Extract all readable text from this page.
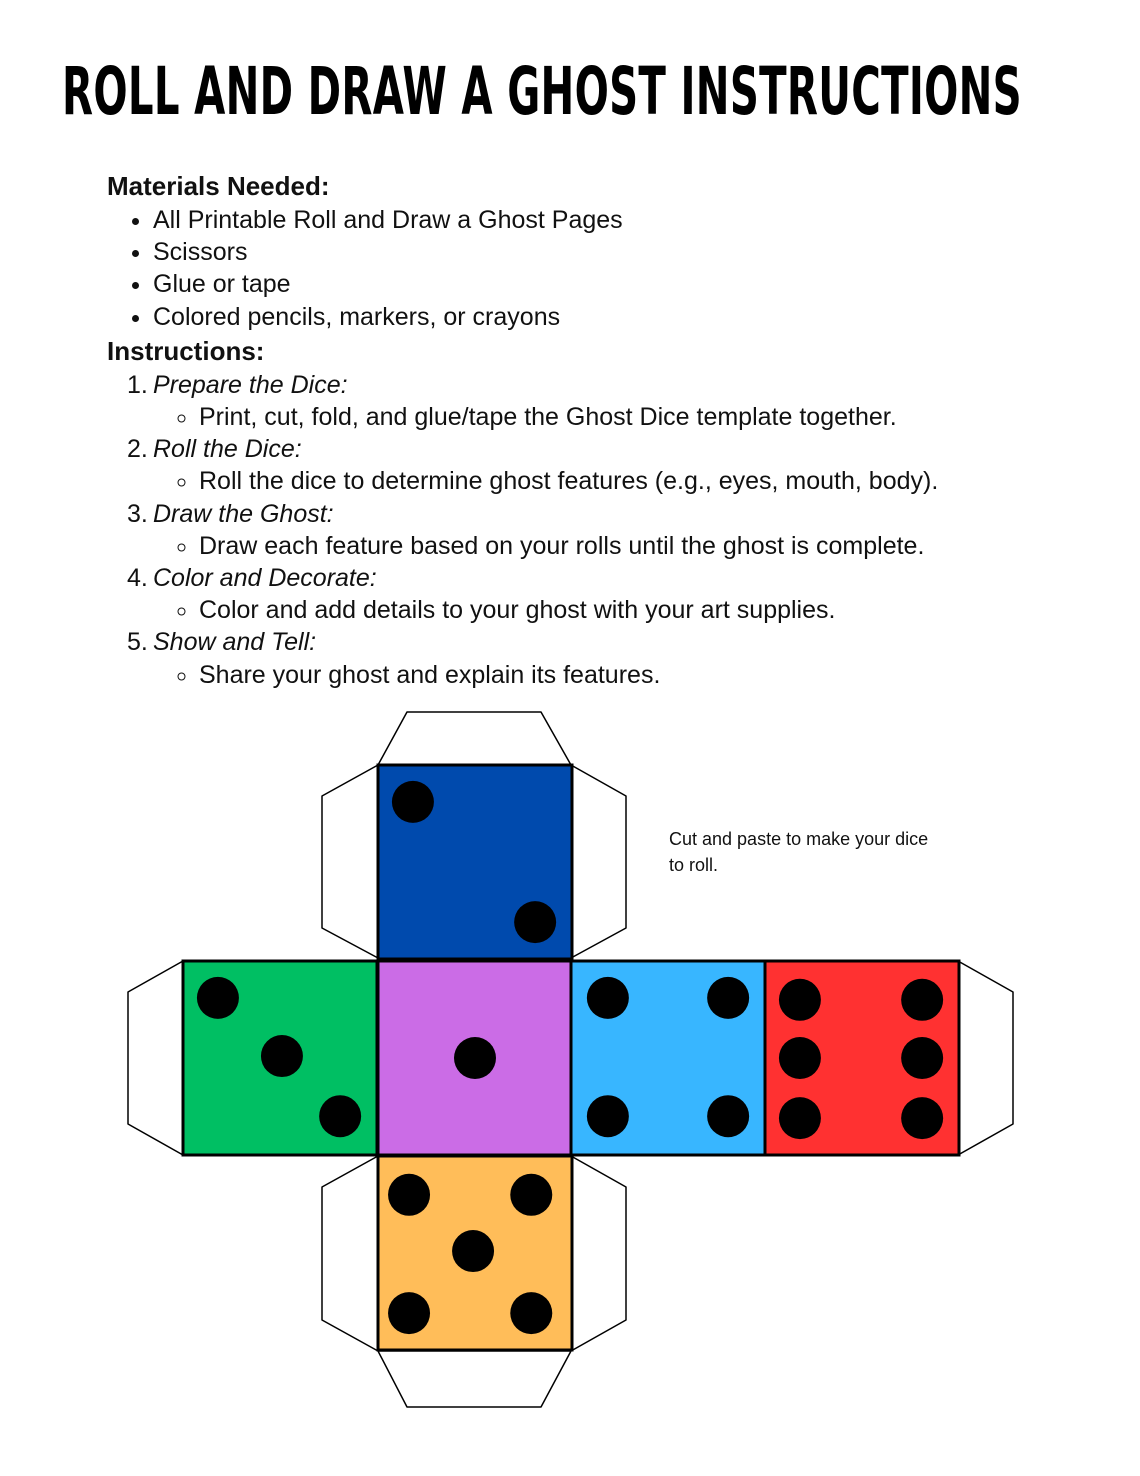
ROLL AND DRAW A GHOST INSTRUCTIONS

Materials Needed:

• All Printable Roll and Draw a Ghost Pages
• Scissors
• Glue or tape
• Colored pencils, markers, or crayons

Instructions:

Prepare the Dice:
◦ Print, cut, fold, and glue/tape the Ghost Dice template together.
Roll the Dice:
◦ Roll the dice to determine ghost features (e.g., eyes, mouth, body).
Draw the Ghost:
◦ Draw each feature based on your rolls until the ghost is complete.
Color and Decorate:
◦ Color and add details to your ghost with your art supplies.
Show and Tell:
◦ Share your ghost and explain its features.
Cut and paste to make your dice to roll.
